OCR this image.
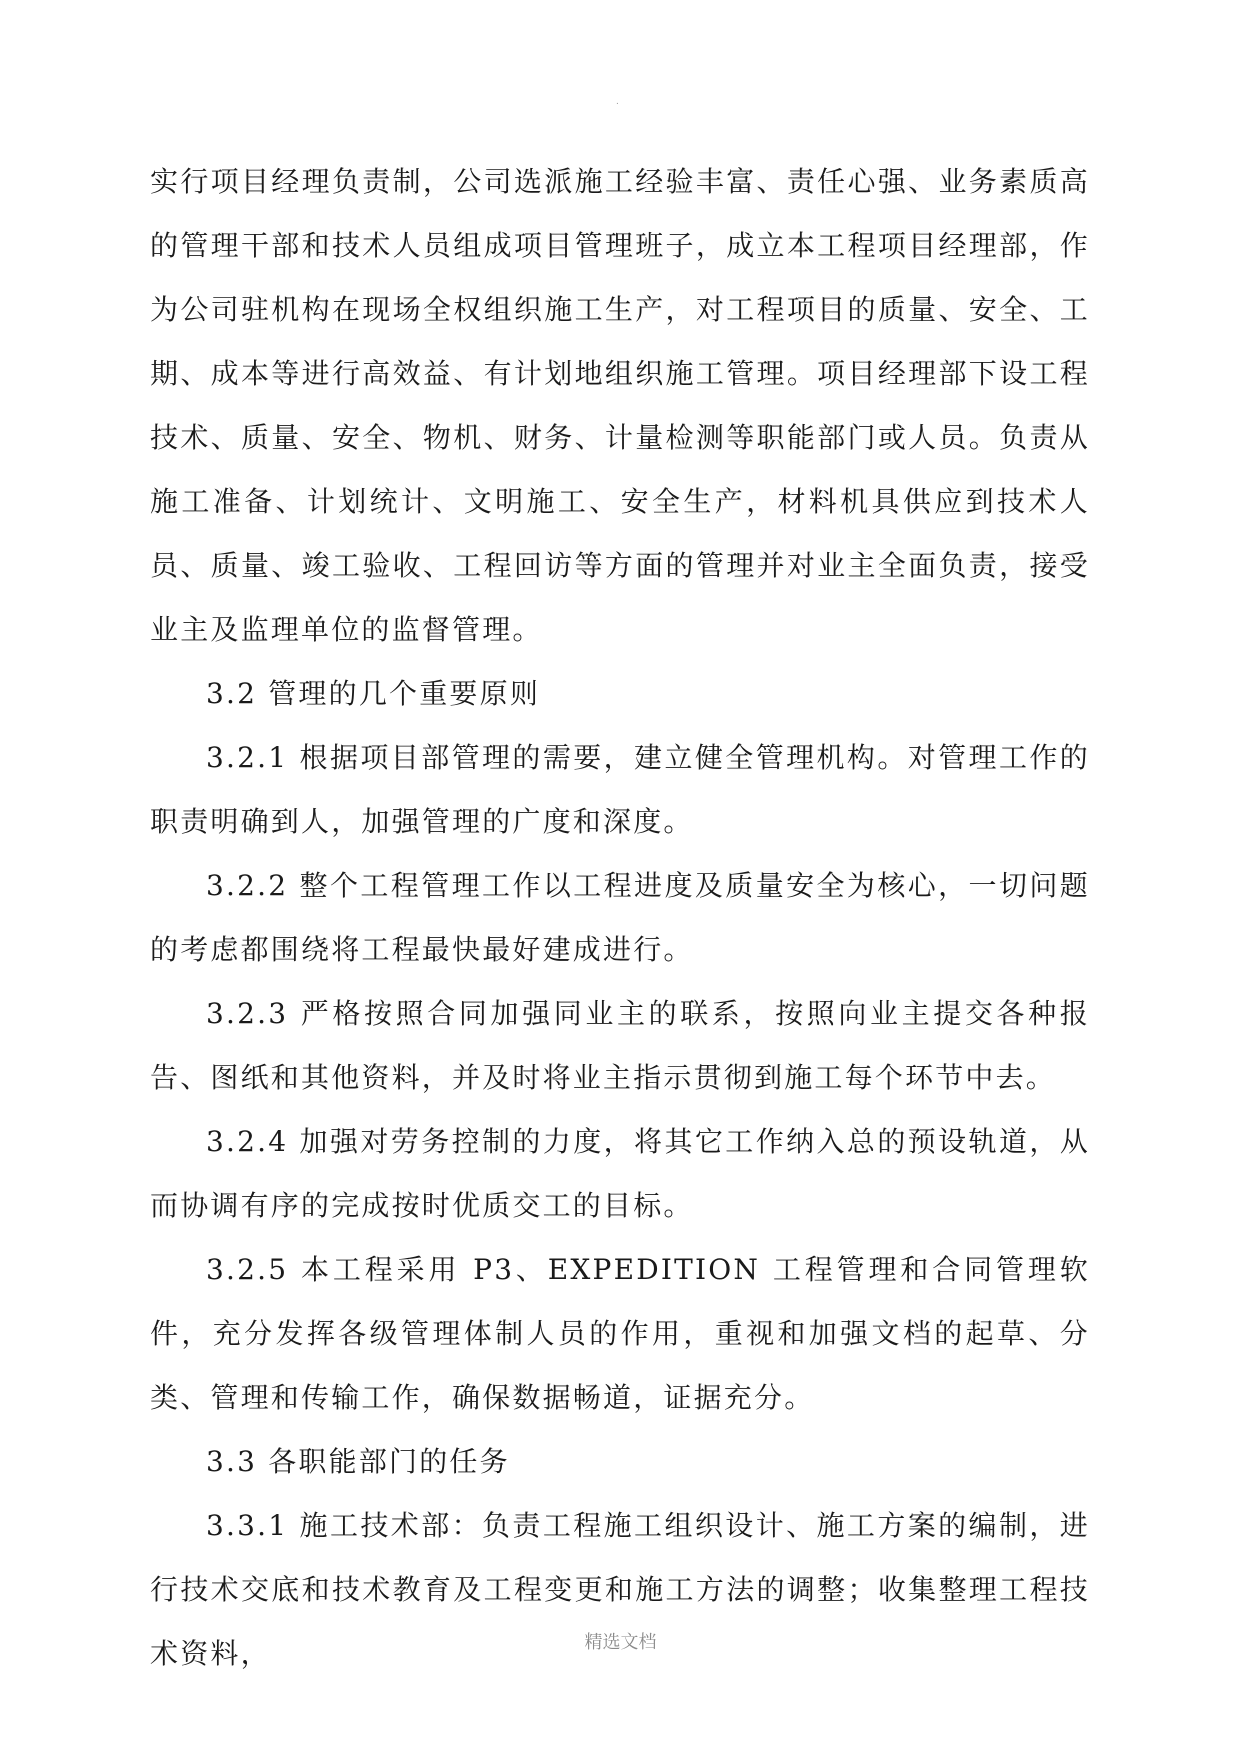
.

实行项目经理负责制，公司选派施工经验丰富、责任心强、业务素质高的管理干部和技术人员组成项目管理班子，成立本工程项目经理部，作为公司驻机构在现场全权组织施工生产，对工程项目的质量、安全、工期、成本等进行高效益、有计划地组织施工管理。项目经理部下设工程技术、质量、安全、物机、财务、计量检测等职能部门或人员。负责从施工准备、计划统计、文明施工、安全生产，材料机具供应到技术人员、质量、竣工验收、工程回访等方面的管理并对业主全面负责，接受业主及监理单位的监督管理。

3.2 管理的几个重要原则

3.2.1 根据项目部管理的需要，建立健全管理机构。对管理工作的职责明确到人，加强管理的广度和深度。

3.2.2 整个工程管理工作以工程进度及质量安全为核心，一切问题的考虑都围绕将工程最快最好建成进行。

3.2.3 严格按照合同加强同业主的联系，按照向业主提交各种报告、图纸和其他资料，并及时将业主指示贯彻到施工每个环节中去。

3.2.4 加强对劳务控制的力度，将其它工作纳入总的预设轨道，从而协调有序的完成按时优质交工的目标。

3.2.5 本工程采用 P3、EXPEDITION 工程管理和合同管理软件，充分发挥各级管理体制人员的作用，重视和加强文档的起草、分类、管理和传输工作，确保数据畅道，证据充分。

3.3 各职能部门的任务

3.3.1 施工技术部：负责工程施工组织设计、施工方案的编制，进行技术交底和技术教育及工程变更和施工方法的调整；收集整理工程技术资料，	精选文档
